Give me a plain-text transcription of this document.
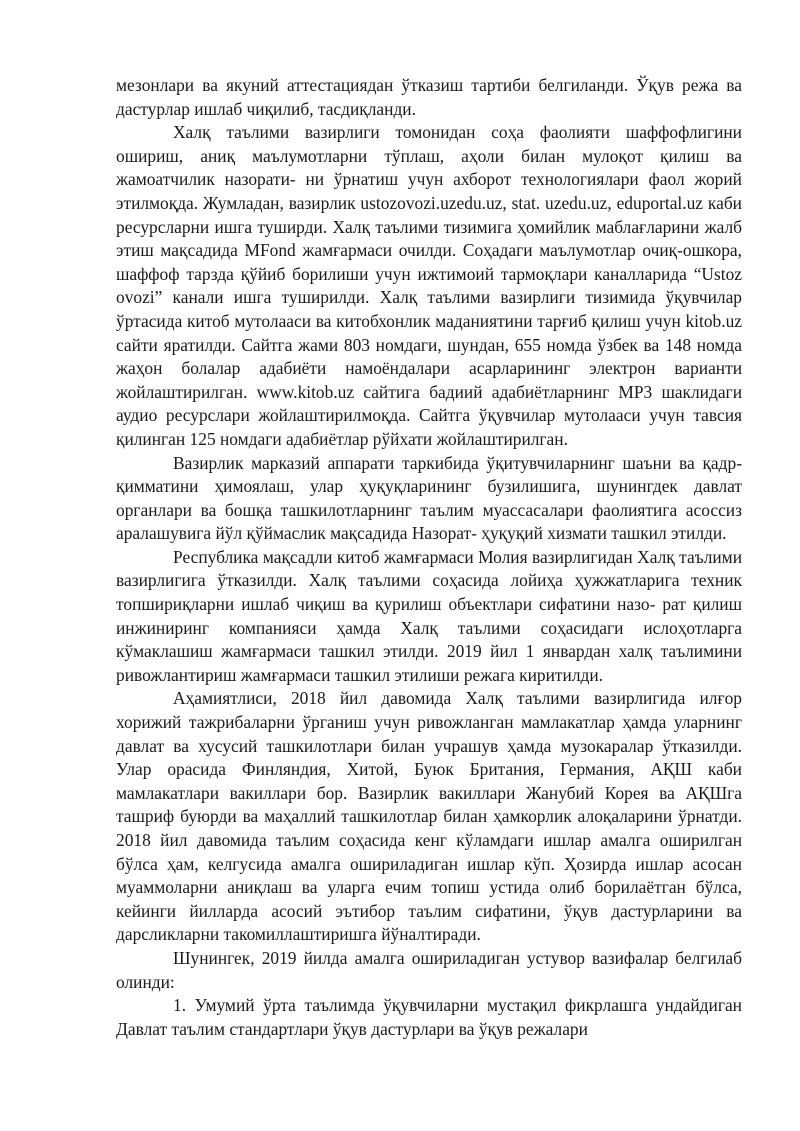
мезонлари ва якуний аттестациядан ўтказиш тартиби белгиланди. Ўқув режа ва дастурлар ишлаб чиқилиб, тасдиқланди.

Халқ таълими вазирлиги томонидан соҳа фаолияти шаффофлигини ошириш, аниқ маълумотларни тўплаш, аҳоли билан мулоқот қилиш ва жамоатчилик назорати- ни ўрнатиш учун ахборот технологиялари фаол жорий этилмоқда. Жумладан, вазирлик ustozovozi.uzedu.uz, stat. uzedu.uz, eduportal.uz каби ресурсларни ишга туширди. Халқ таълими тизимига ҳомийлик маблағларини жалб этиш мақсадида MFond жамғармаси очилди. Соҳадаги маълумотлар очиқ-ошкора, шаффоф тарзда қўйиб борилиши учун ижтимоий тармоқлари каналларида “Ustoz ovozi” канали ишга туширилди. Халқ таълими вазирлиги тизимида ўқувчилар ўртасида китоб мутолааси ва китобхонлик маданиятини тарғиб қилиш учун kitob.uz сайти яратилди. Сайтга жами 803 номдаги, шундан, 655 номда ўзбек ва 148 номда жаҳон болалар адабиёти намоёндалари асарларининг электрон варианти жойлаштирилган. www.kitob.uz сайтига бадиий адабиётларнинг MP3 шаклидаги аудио ресурслари жойлаштирилмоқда. Сайтга ўқувчилар мутолааси учун тавсия қилинган 125 номдаги адабиётлар рўйхати жойлаштирилган.

Вазирлик марказий аппарати таркибида ўқитувчиларнинг шаъни ва қадр-қимматини ҳимоялаш, улар ҳуқуқларининг бузилишига, шунингдек давлат органлари ва бошқа ташкилотларнинг таълим муассасалари фаолиятига асоссиз аралашувига йўл қўймаслик мақсадида Назорат- ҳуқуқий хизмати ташкил этилди.

Республика мақсадли китоб жамғармаси Молия вазирлигидан Халқ таълими вазирлигига ўтказилди. Халқ таълими соҳасида лойиҳа ҳужжатларига техник топшириқларни ишлаб чиқиш ва қурилиш объектлари сифатини назо- рат қилиш инжиниринг компанияси ҳамда Халқ таълими соҳасидаги ислоҳотларга кўмаклашиш жамғармаси ташкил этилди. 2019 йил 1 январдан халқ таълимини ривожлантириш жамғармаси ташкил этилиши режага киритилди.

Аҳамиятлиси, 2018 йил давомида Халқ таълими вазирлигида илғор хорижий тажрибаларни ўрганиш учун ривожланган мамлакатлар ҳамда уларнинг давлат ва хусусий ташкилотлари билан учрашув ҳамда музокаралар ўтказилди. Улар орасида Финляндия, Хитой, Буюк Британия, Германия, АҚШ каби мамлакатлари вакиллари бор. Вазирлик вакиллари Жанубий Корея ва АҚШга ташриф буюрди ва маҳаллий ташкилотлар билан ҳамкорлик алоқаларини ўрнатди. 2018 йил давомида таълим соҳасида кенг кўламдаги ишлар амалга оширилган бўлса ҳам, келгусида амалга ошириладиган ишлар кўп. Ҳозирда ишлар асосан муаммоларни аниқлаш ва уларга ечим топиш устида олиб борилаётган бўлса, кейинги йилларда асосий эътибор таълим сифатини, ўқув дастурларини ва дарсликларни такомиллаштиришга йўналтиради.

Шунингек, 2019 йилда амалга ошириладиган устувор вазифалар белгилаб олинди:

1. Умумий ўрта таълимда ўқувчиларни мустақил фикрлашга ундайдиган Давлат таълим стандартлари ўқув дастурлари ва ўқув режалари
